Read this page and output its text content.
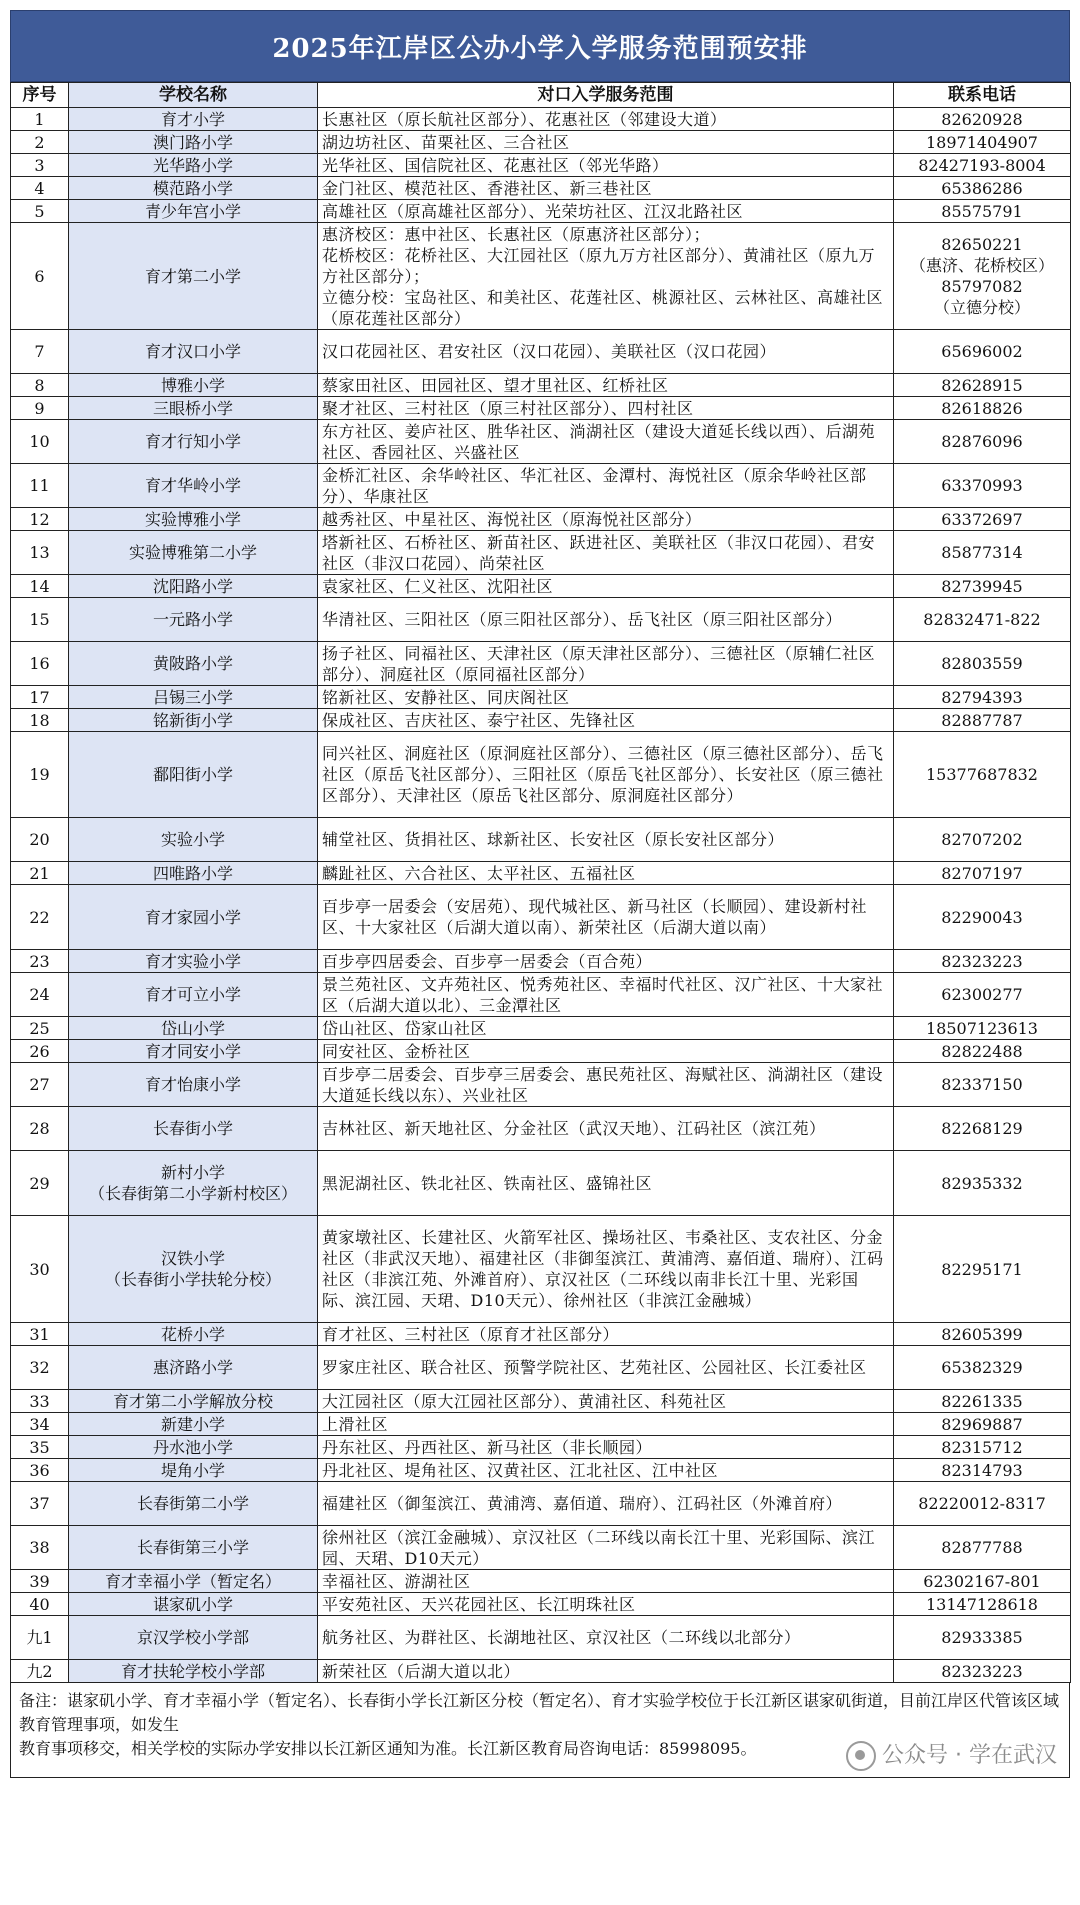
2025年江岸区公办小学入学服务范围预安排
序号	学校名称	对口入学服务范围	联系电话
1	育才小学	长惠社区（原长航社区部分）、花惠社区（邻建设大道）	82620928
2	澳门路小学	湖边坊社区、苗栗社区、三合社区	18971404907
3	光华路小学	光华社区、国信院社区、花惠社区（邻光华路）	82427193-8004
4	模范路小学	金门社区、模范社区、香港社区、新三巷社区	65386286
5	青少年宫小学	高雄社区（原高雄社区部分）、光荣坊社区、江汉北路社区	85575791
6	育才第二小学	惠济校区：惠中社区、长惠社区（原惠济社区部分）；
花桥校区：花桥社区、大江园社区（原九万方社区部分）、黄浦社区（原九万方社区部分）；
立德分校：宝岛社区、和美社区、花莲社区、桃源社区、云林社区、高雄社区（原花莲社区部分）	82650221
（惠济、花桥校区）
85797082
（立德分校）
7	育才汉口小学	汉口花园社区、君安社区（汉口花园）、美联社区（汉口花园）	65696002
8	博雅小学	蔡家田社区、田园社区、望才里社区、红桥社区	82628915
9	三眼桥小学	聚才社区、三村社区（原三村社区部分）、四村社区	82618826
10	育才行知小学	东方社区、姜庐社区、胜华社区、淌湖社区（建设大道延长线以西）、后湖苑社区、香园社区、兴盛社区	82876096
11	育才华岭小学	金桥汇社区、余华岭社区、华汇社区、金潭村、海悦社区（原余华岭社区部分）、华康社区	63370993
12	实验博雅小学	越秀社区、中星社区、海悦社区（原海悦社区部分）	63372697
13	实验博雅第二小学	塔新社区、石桥社区、新苗社区、跃进社区、美联社区（非汉口花园）、君安社区（非汉口花园）、尚荣社区	85877314
14	沈阳路小学	袁家社区、仁义社区、沈阳社区	82739945
15	一元路小学	华清社区、三阳社区（原三阳社区部分）、岳飞社区（原三阳社区部分）	82832471-822
16	黄陂路小学	扬子社区、同福社区、天津社区（原天津社区部分）、三德社区（原辅仁社区部分）、洞庭社区（原同福社区部分）	82803559
17	吕锡三小学	铭新社区、安静社区、同庆阁社区	82794393
18	铭新街小学	保成社区、吉庆社区、泰宁社区、先锋社区	82887787
19	鄱阳街小学	同兴社区、洞庭社区（原洞庭社区部分）、三德社区（原三德社区部分）、岳飞社区（原岳飞社区部分）、三阳社区（原岳飞社区部分）、长安社区（原三德社区部分）、天津社区（原岳飞社区部分、原洞庭社区部分）	15377687832
20	实验小学	辅堂社区、货捐社区、球新社区、长安社区（原长安社区部分）	82707202
21	四唯路小学	麟趾社区、六合社区、太平社区、五福社区	82707197
22	育才家园小学	百步亭一居委会（安居苑）、现代城社区、新马社区（长顺园）、建设新村社区、十大家社区（后湖大道以南）、新荣社区（后湖大道以南）	82290043
23	育才实验小学	百步亭四居委会、百步亭一居委会（百合苑）	82323223
24	育才可立小学	景兰苑社区、文卉苑社区、悦秀苑社区、幸福时代社区、汉广社区、十大家社区（后湖大道以北）、三金潭社区	62300277
25	岱山小学	岱山社区、岱家山社区	18507123613
26	育才同安小学	同安社区、金桥社区	82822488
27	育才怡康小学	百步亭二居委会、百步亭三居委会、惠民苑社区、海赋社区、淌湖社区（建设大道延长线以东）、兴业社区	82337150
28	长春街小学	吉林社区、新天地社区、分金社区（武汉天地）、江码社区（滨江苑）	82268129
29	新村小学
（长春街第二小学新村校区）	黑泥湖社区、铁北社区、铁南社区、盛锦社区	82935332
30	汉铁小学
（长春街小学扶轮分校）	黄家墩社区、长建社区、火箭军社区、操场社区、韦桑社区、支农社区、分金社区（非武汉天地）、福建社区（非御玺滨江、黄浦湾、嘉佰道、瑞府）、江码社区（非滨江苑、外滩首府）、京汉社区（二环线以南非长江十里、光彩国际、滨江园、天珺、D10天元）、徐州社区（非滨江金融城）	82295171
31	花桥小学	育才社区、三村社区（原育才社区部分）	82605399
32	惠济路小学	罗家庄社区、联合社区、预警学院社区、艺苑社区、公园社区、长江委社区	65382329
33	育才第二小学解放分校	大江园社区（原大江园社区部分）、黄浦社区、科苑社区	82261335
34	新建小学	上滑社区	82969887
35	丹水池小学	丹东社区、丹西社区、新马社区（非长顺园）	82315712
36	堤角小学	丹北社区、堤角社区、汉黄社区、江北社区、江中社区	82314793
37	长春街第二小学	福建社区（御玺滨江、黄浦湾、嘉佰道、瑞府）、江码社区（外滩首府）	82220012-8317
38	长春街第三小学	徐州社区（滨江金融城）、京汉社区（二环线以南长江十里、光彩国际、滨江园、天珺、D10天元）	82877788
39	育才幸福小学（暂定名）	幸福社区、游湖社区	62302167-801
40	谌家矶小学	平安苑社区、天兴花园社区、长江明珠社区	13147128618
九1	京汉学校小学部	航务社区、为群社区、长湖地社区、京汉社区（二环线以北部分）	82933385
九2	育才扶轮学校小学部	新荣社区（后湖大道以北）	82323223
备注：谌家矶小学、育才幸福小学（暂定名）、长春街小学长江新区分校（暂定名）、育才实验学校位于长江新区谌家矶街道，目前江岸区代管该区域教育管理事项，如发生
教育事项移交，相关学校的实际办学安排以长江新区通知为准。长江新区教育局咨询电话：85998095。	公众号 · 学在武汉
